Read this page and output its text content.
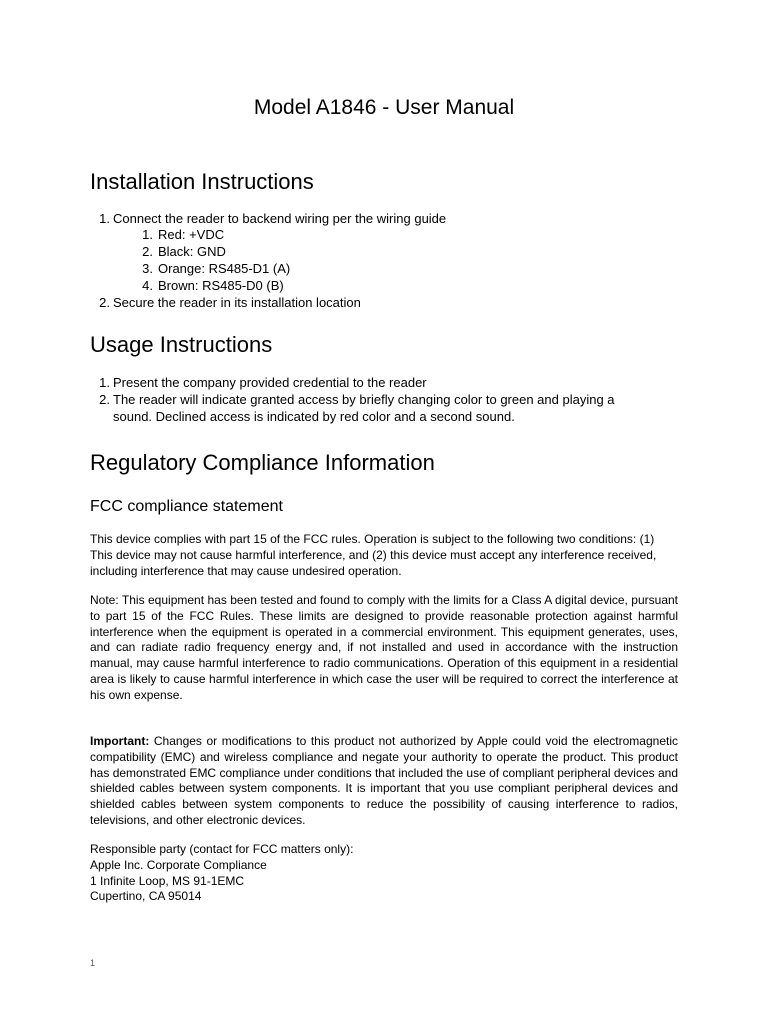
Model A1846 - User Manual
Installation Instructions
1. Connect the reader to backend wiring per the wiring guide
1. Red: +VDC
2. Black: GND
3. Orange: RS485-D1 (A)
4. Brown: RS485-D0 (B)
2. Secure the reader in its installation location
Usage Instructions
1. Present the company provided credential to the reader
2. The reader will indicate granted access by briefly changing color to green and playing a
sound. Declined access is indicated by red color and a second sound.
Regulatory Compliance Information
FCC compliance statement

This device complies with part 15 of the FCC rules. Operation is subject to the following two conditions: (1) This device may not cause harmful interference, and (2) this device must accept any interference received, including interference that may cause undesired operation.

Note: This equipment has been tested and found to comply with the limits for a Class A digital device, pursuant to part 15 of the FCC Rules. These limits are designed to provide reasonable protection against harmful interference when the equipment is operated in a commercial environment. This equipment generates, uses, and can radiate radio frequency energy and, if not installed and used in accordance with the instruction manual, may cause harmful interference to radio communications. Operation of this equipment in a residential area is likely to cause harmful interference in which case the user will be required to correct the interference at his own expense.

Important: Changes or modifications to this product not authorized by Apple could void the electromagnetic compatibility (EMC) and wireless compliance and negate your authority to operate the product. This product has demonstrated EMC compliance under conditions that included the use of compliant peripheral devices and shielded cables between system components. It is important that you use compliant peripheral devices and shielded cables between system components to reduce the possibility of causing interference to radios, televisions, and other electronic devices.

Responsible party (contact for FCC matters only):
Apple Inc. Corporate Compliance
1 Infinite Loop, MS 91-1EMC
Cupertino, CA 95014

1
